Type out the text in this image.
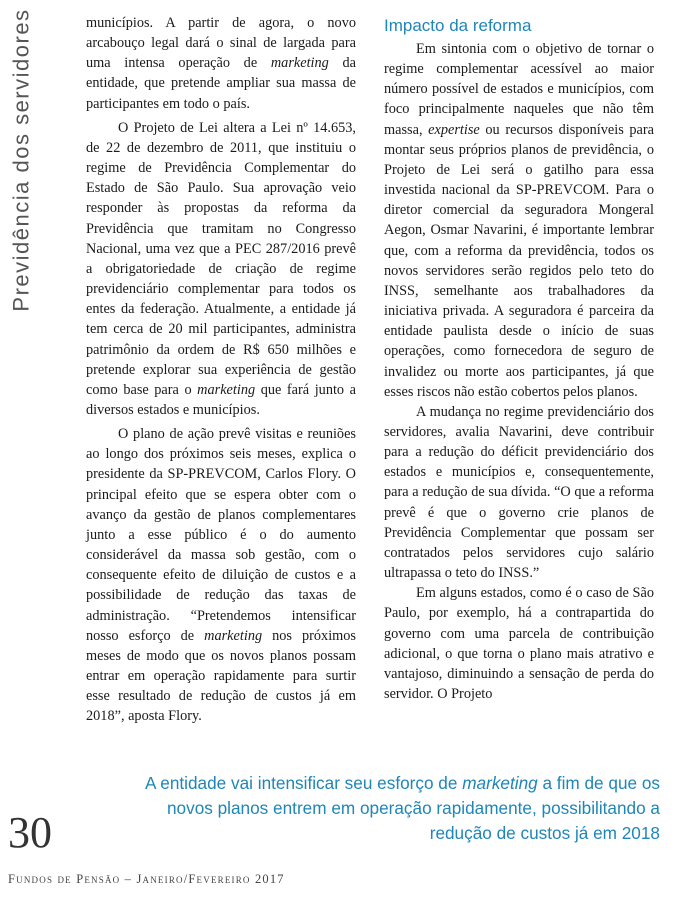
Previdência dos servidores	municípios. A partir de agora, o novo arcabouço legal dará o sinal de largada para uma intensa operação de marketing da entidade, que pretende ampliar sua massa de participantes em todo o país.

O Projeto de Lei altera a Lei nº 14.653, de 22 de dezembro de 2011, que instituiu o regime de Previdência Complementar do Estado de São Paulo. Sua aprovação veio responder às propostas da reforma da Previdência que tramitam no Congresso Nacional, uma vez que a PEC 287/2016 prevê a obrigatoriedade de criação de regime previdenciário complementar para todos os entes da federação. Atualmente, a entidade já tem cerca de 20 mil participantes, administra patrimônio da ordem de R$ 650 milhões e pretende explorar sua experiência de gestão como base para o marketing que fará junto a diversos estados e municípios.

O plano de ação prevê visitas e reuniões ao longo dos próximos seis meses, explica o presidente da SP-PREVCOM, Carlos Flory. O principal efeito que se espera obter com o avanço da gestão de planos complementares junto a esse público é o do aumento considerável da massa sob gestão, com o consequente efeito de diluição de custos e a possibilidade de redução das taxas de administração. “Pretendemos intensificar nosso esforço de marketing nos próximos meses de modo que os novos planos possam entrar em operação rapidamente para surtir esse resultado de redução de custos já em 2018”, aposta Flory.

Impacto da reforma

Em sintonia com o objetivo de tornar o regime complementar acessível ao maior número possível de estados e municípios, com foco principalmente naqueles que não têm massa, expertise ou recursos disponíveis para montar seus próprios planos de previdência, o Projeto de Lei será o gatilho para essa investida nacional da SP-PREVCOM. Para o diretor comercial da seguradora Mongeral Aegon, Osmar Navarini, é importante lembrar que, com a reforma da previdência, todos os novos servidores serão regidos pelo teto do INSS, semelhante aos trabalhadores da iniciativa privada. A seguradora é parceira da entidade paulista desde o início de suas operações, como fornecedora de seguro de invalidez ou morte aos participantes, já que esses riscos não estão cobertos pelos planos.

A mudança no regime previdenciário dos servidores, avalia Navarini, deve contribuir para a redução do déficit previdenciário dos estados e municípios e, consequentemente, para a redução de sua dívida. “O que a reforma prevê é que o governo crie planos de Previdência Complementar que possam ser contratados pelos servidores cujo salário ultrapassa o teto do INSS.”

Em alguns estados, como é o caso de São Paulo, por exemplo, há a contrapartida do governo com uma parcela de contribuição adicional, o que torna o plano mais atrativo e vantajoso, diminuindo a sensação de perda do servidor. O Projeto

A entidade vai intensificar seu esforço de marketing a fim de que os novos planos entrem em operação rapidamente, possibilitando a redução de custos já em 2018
30
Fundos de Pensão – Janeiro/Fevereiro 2017
